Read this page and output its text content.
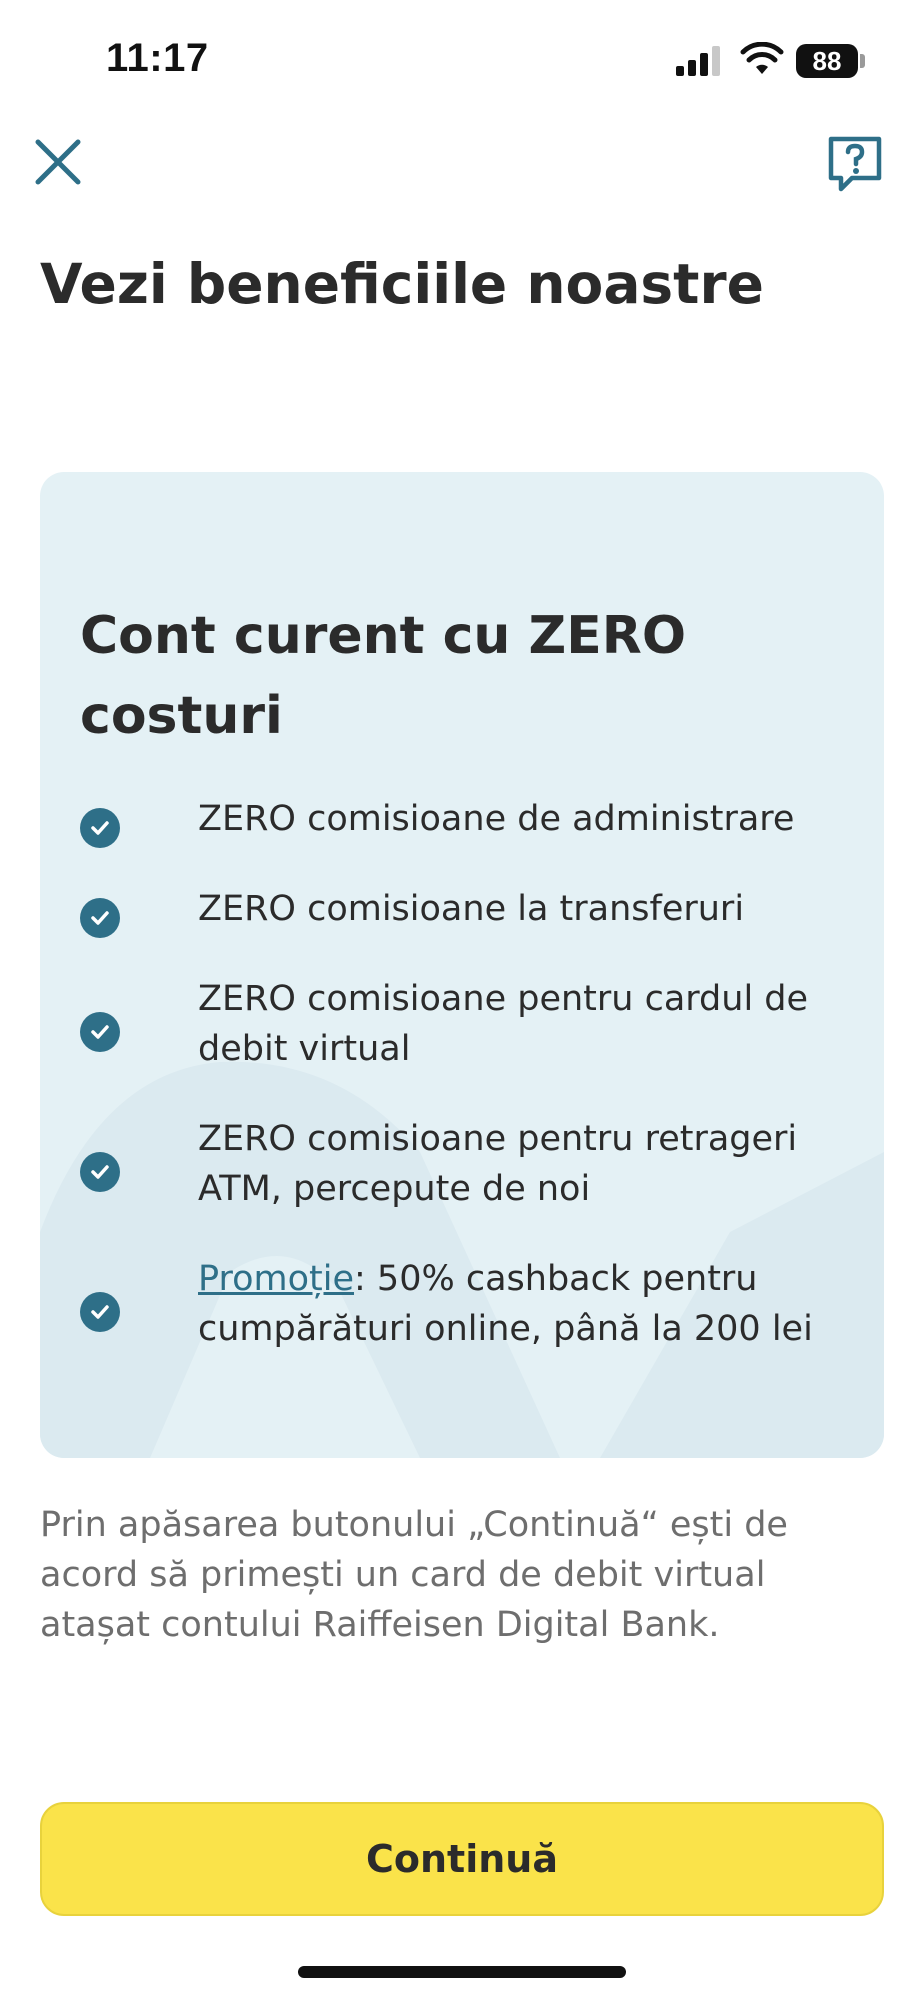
11:17	88
Vezi beneficiile noastre
Cont curent cu ZERO costuri
ZERO comisioane de administrare
ZERO comisioane la transferuri
ZERO comisioane pentru cardul de debit virtual
ZERO comisioane pentru retrageri ATM, percepute de noi
Promoție: 50% cashback pentru cumpărături online, până la 200 lei

Prin apăsarea butonului „Continuă“ ești de acord să primești un card de debit virtual atașat contului Raiffeisen Digital Bank.

Continuă
